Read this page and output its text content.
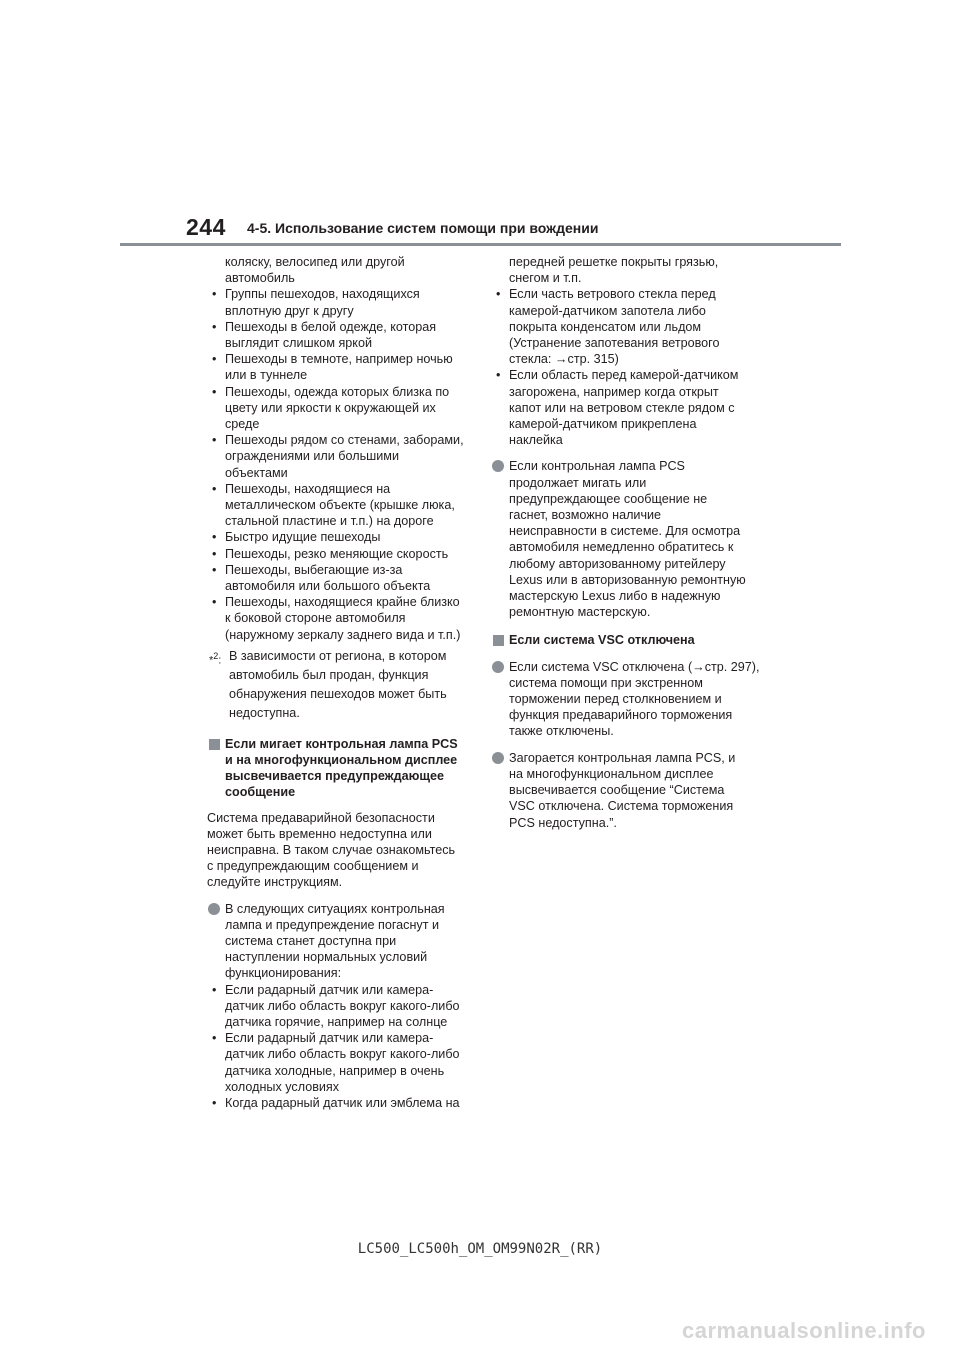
244 4-5. Использование систем помощи при вождении

коляску, велосипед или другой

автомобиль

• Группы пешеходов, находящихся

вплотную друг к другу

• Пешеходы в белой одежде, которая

выглядит слишком яркой

• Пешеходы в темноте, например ночью

или в туннеле

• Пешеходы, одежда которых близка по

цвету или яркости к окружающей их

среде

• Пешеходы рядом со стенами, заборами,

ограждениями или большими

объектами

• Пешеходы, находящиеся на

металлическом объекте (крышке люка,

стальной пластине и т.п.) на дороге

• Быстро идущие пешеходы

• Пешеходы, резко меняющие скорость

• Пешеходы, выбегающие из-за

автомобиля или большого объекта

• Пешеходы, находящиеся крайне близко

к боковой стороне автомобиля

(наружному зеркалу заднего вида и т.п.)

*$^2$: В зависимости от региона, в котором

автомобиль был продан, функция

обнаружения пешеходов может быть

недоступна.

Если мигает контрольная лампа PCS

и на многофункциональном дисплее

высвечивается предупреждающее

сообщение

Система предаварийной безопасности

может быть временно недоступна или

неисправна. В таком случае ознакомьтесь

с предупреждающим сообщением и

следуйте инструкциям.

В следующих ситуациях контрольная

лампа и предупреждение погаснут и

система станет доступна при

наступлении нормальных условий

функционирования:

• Если радарный датчик или камера-

датчик либо область вокруг какого-либо

датчика горячие, например на солнце

• Если радарный датчик или камера-

датчик либо область вокруг какого-либо

датчика холодные, например в очень

холодных условиях

• Когда радарный датчик или эмблема на

передней решетке покрыты грязью,

снегом и т.п.

• Если часть ветрового стекла перед

камерой-датчиком запотела либо

покрыта конденсатом или льдом

(Устранение запотевания ветрового

стекла: →стр. 315)

• Если область перед камерой-датчиком

загорожена, например когда открыт

капот или на ветровом стекле рядом с

камерой-датчиком прикреплена

наклейка

Если контрольная лампа PCS

продолжает мигать или

предупреждающее сообщение не

гаснет, возможно наличие

неисправности в системе. Для осмотра

автомобиля немедленно обратитесь к

любому авторизованному ритейлеру

Lexus или в авторизованную ремонтную

мастерскую Lexus либо в надежную

ремонтную мастерскую.

Если система VSC отключена

Если система VSC отключена (→стр. 297),

система помощи при экстренном

торможении перед столкновением и

функция предаварийного торможения

также отключены.

Загорается контрольная лампа PCS, и

на многофункциональном дисплее

высвечивается сообщение “Система

VSC отключена. Система торможения

PCS недоступна.”.

LC500_LC500h_OM_OM99N02R_(RR)
carmanualsonline.info
